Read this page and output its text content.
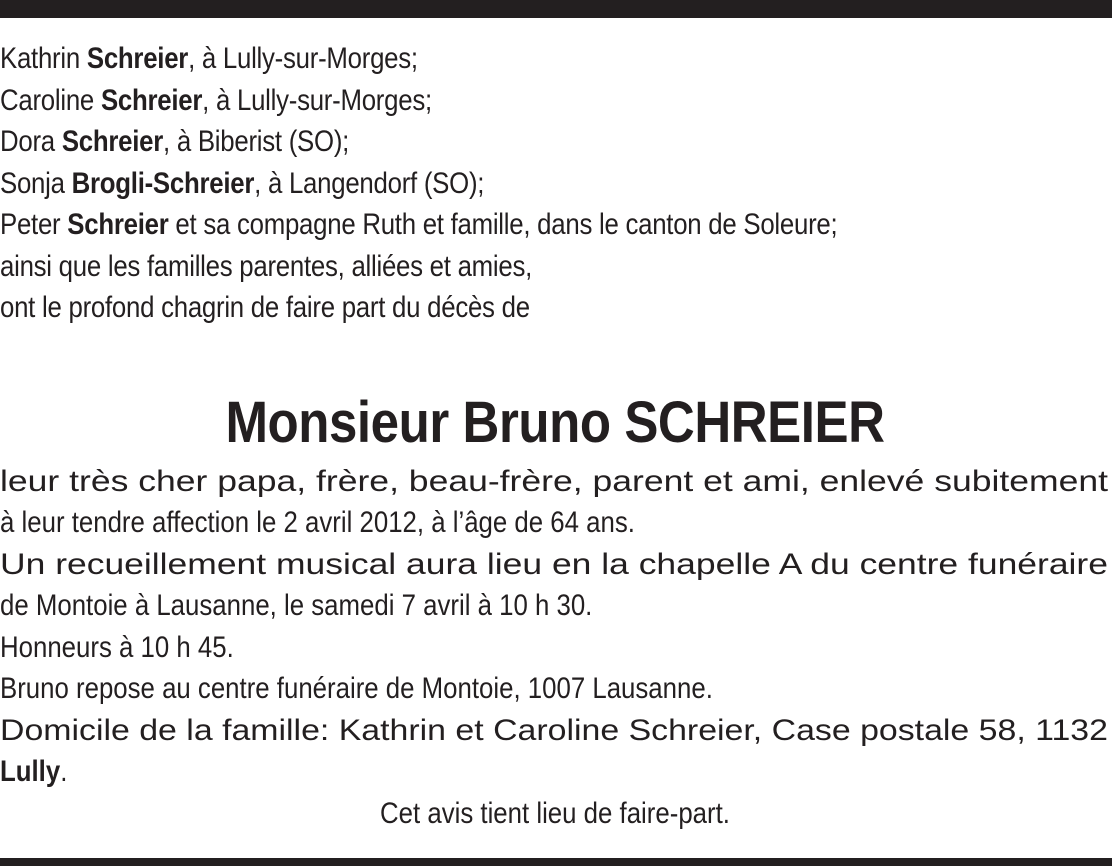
Kathrin Schreier, à Lully-sur-Morges;
Caroline Schreier, à Lully-sur-Morges;
Dora Schreier, à Biberist (SO);
Sonja Brogli-Schreier, à Langendorf (SO);
Peter Schreier et sa compagne Ruth et famille, dans le canton de Soleure;
ainsi que les familles parentes, alliées et amies,
ont le profond chagrin de faire part du décès de
Monsieur Bruno SCHREIER
leur très cher papa, frère, beau-frère, parent et ami, enlevé subitement
à leur tendre affection le 2 avril 2012, à l’âge de 64 ans.
Un recueillement musical aura lieu en la chapelle A du centre funéraire
de Montoie à Lausanne, le samedi 7 avril à 10 h 30.
Honneurs à 10 h 45.
Bruno repose au centre funéraire de Montoie, 1007 Lausanne.
Domicile de la famille: Kathrin et Caroline Schreier, Case postale 58, 1132
Lully.
Cet avis tient lieu de faire-part.
